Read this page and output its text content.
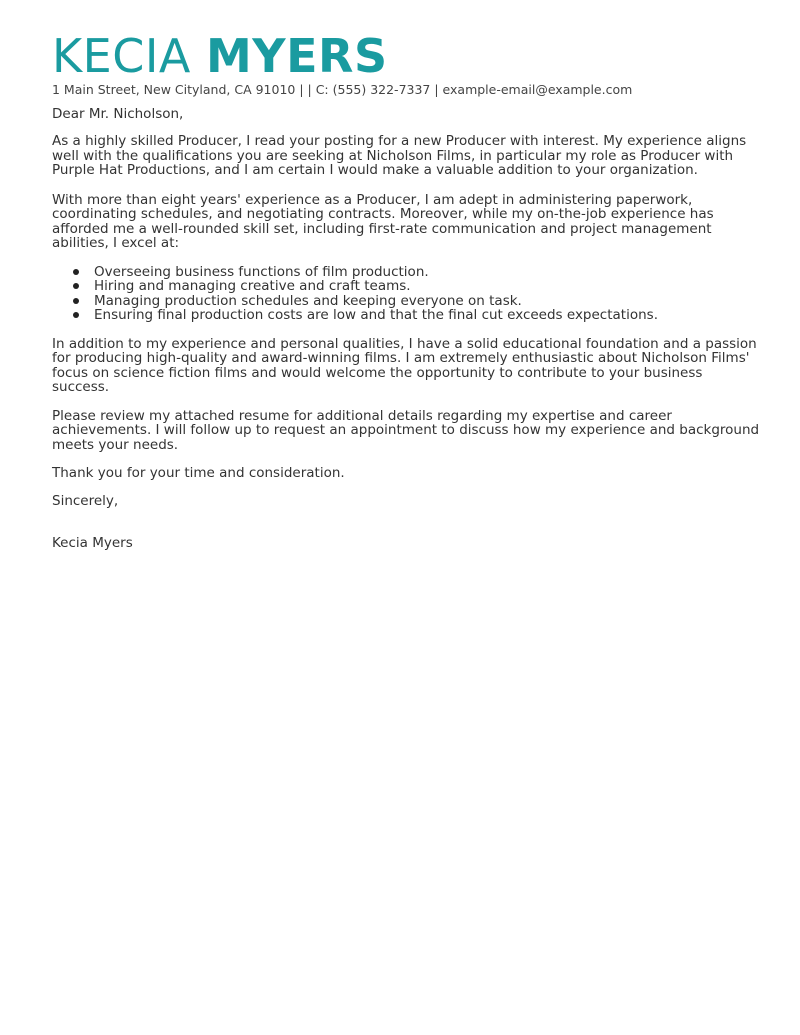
KECIA MYERS
1 Main Street, New Cityland, CA 91010 | | C: (555) 322-7337 | example-email@example.com
Dear Mr. Nicholson,

As a highly skilled Producer, I read your posting for a new Producer with interest. My experience aligns well with the qualifications you are seeking at Nicholson Films, in particular my role as Producer with Purple Hat Productions, and I am certain I would make a valuable addition to your organization.

With more than eight years' experience as a Producer, I am adept in administering paperwork, coordinating schedules, and negotiating contracts. Moreover, while my on-the-job experience has afforded me a well-rounded skill set, including first-rate communication and project management abilities, I excel at:

Overseeing business functions of film production.
Hiring and managing creative and craft teams.
Managing production schedules and keeping everyone on task.
Ensuring final production costs are low and that the final cut exceeds expectations.

In addition to my experience and personal qualities, I have a solid educational foundation and a passion for producing high-quality and award-winning films. I am extremely enthusiastic about Nicholson Films' focus on science fiction films and would welcome the opportunity to contribute to your business success.

Please review my attached resume for additional details regarding my expertise and career achievements. I will follow up to request an appointment to discuss how my experience and background meets your needs.

Thank you for your time and consideration.

Sincerely,
Kecia Myers
